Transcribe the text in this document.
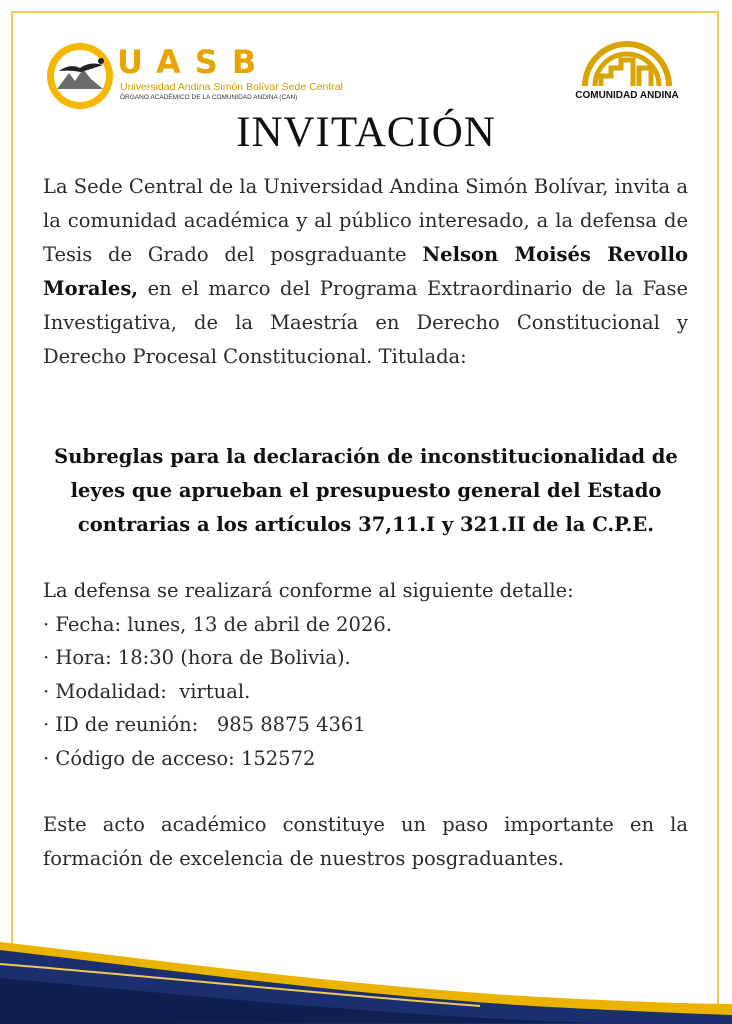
UASB
Universidad Andina Simón Bolívar Sede Central
ÓRGANO ACADÉMICO DE LA COMUNIDAD ANDINA (CAN)	COMUNIDAD ANDINA
INVITACIÓN
La Sede Central de la Universidad Andina Simón Bolívar, invita a la comunidad académica y al público interesado, a la defensa de Tesis de Grado del posgraduante Nelson Moisés Revollo Morales, en el marco del Programa Extraordinario de la Fase Investigativa, de la Maestría en Derecho Constitucional y Derecho Procesal Constitucional. Titulada:
Subreglas para la declaración de inconstitucionalidad de leyes que aprueban el presupuesto general del Estado contrarias a los artículos 37,11.I y 321.II de la C.P.E.
La defensa se realizará conforme al siguiente detalle:
· Fecha: lunes, 13 de abril de 2026.
· Hora: 18:30 (hora de Bolivia).
· Modalidad:  virtual.
· ID de reunión:   985 8875 4361
· Código de acceso: 152572
Este acto académico constituye un paso importante en la formación de excelencia de nuestros posgraduantes.
